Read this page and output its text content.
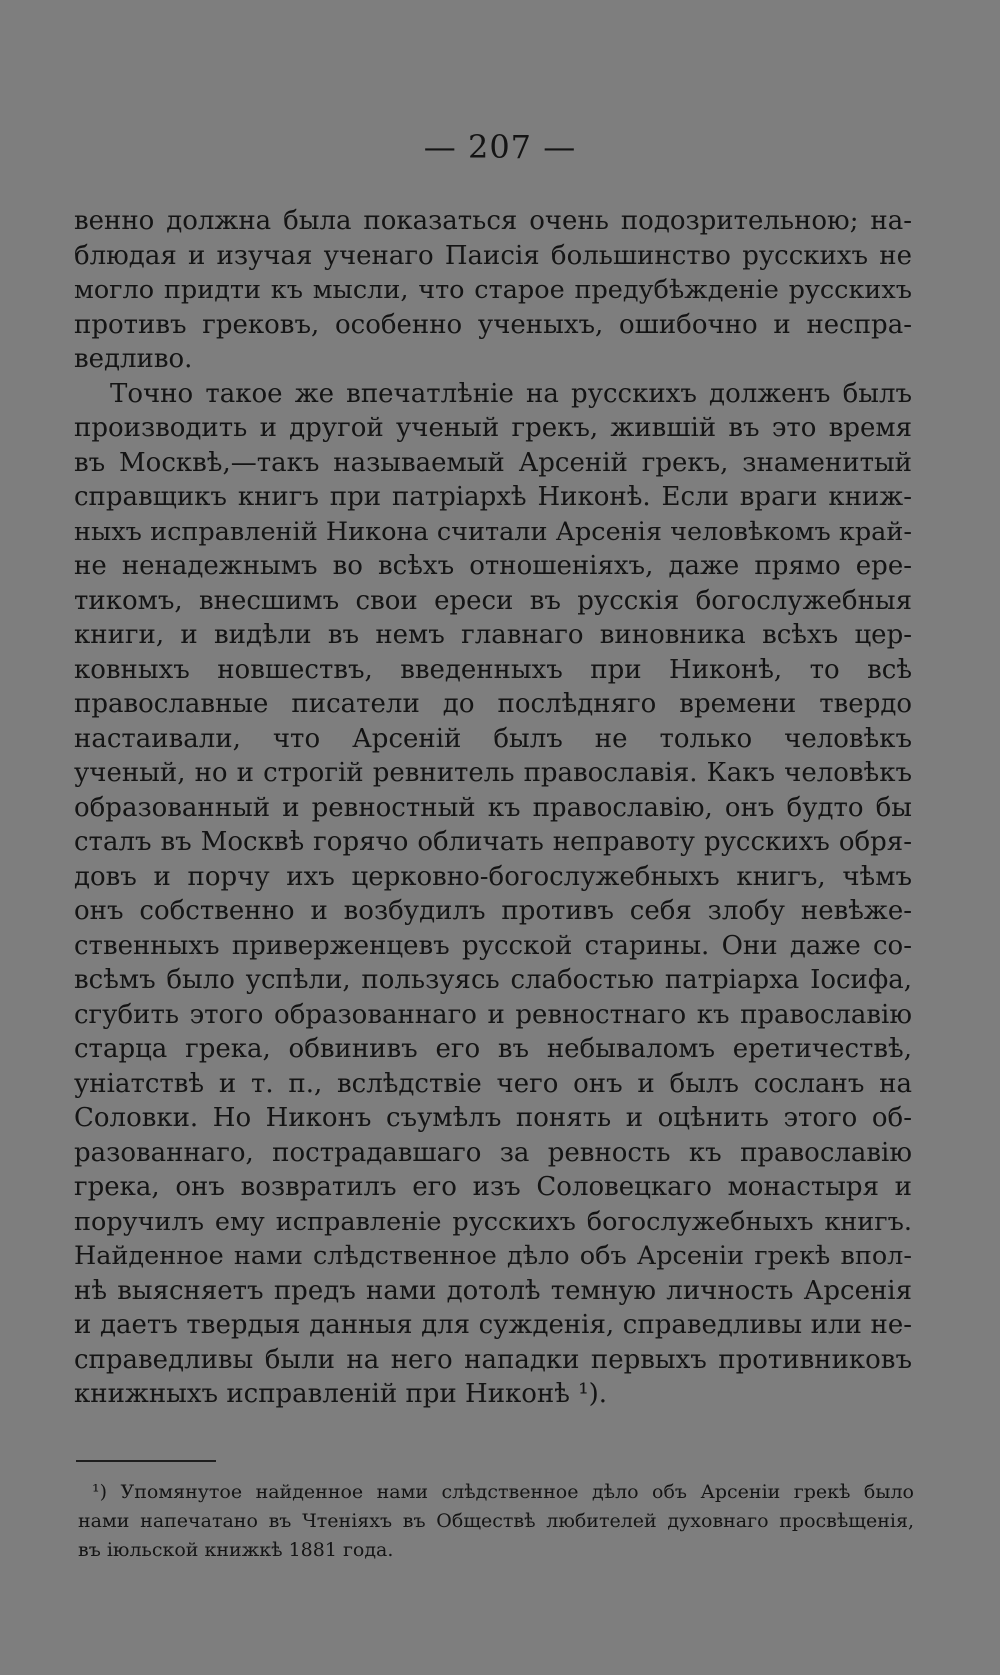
— 207 —
венно должна была показаться очень подозрительною; на-
блюдая и изучая ученаго Паисія большинство русскихъ не
могло придти къ мысли, что старое предубѣжденіе русскихъ
противъ грековъ, особенно ученыхъ, ошибочно и неспра-
ведливо.
Точно такое же впечатлѣніе на русскихъ долженъ былъ
производить и другой ученый грекъ, жившій въ это время
въ Москвѣ,—такъ называемый Арсеній грекъ, знаменитый
справщикъ книгъ при патріархѣ Никонѣ. Если враги книж-
ныхъ исправленій Никона считали Арсенія человѣкомъ край-
не ненадежнымъ во всѣхъ отношеніяхъ, даже прямо ере-
тикомъ, внесшимъ свои ереси въ русскія богослужебныя
книги, и видѣли въ немъ главнаго виновника всѣхъ цер-
ковныхъ новшествъ, введенныхъ при Никонѣ, то всѣ
православные писатели до послѣдняго времени твердо
настаивали, что Арсеній былъ не только человѣкъ
ученый, но и строгій ревнитель православія. Какъ человѣкъ
образованный и ревностный къ православію, онъ будто бы
сталъ въ Москвѣ горячо обличать неправоту русскихъ обря-
довъ и порчу ихъ церковно-богослужебныхъ книгъ, чѣмъ
онъ собственно и возбудилъ противъ себя злобу невѣже-
ственныхъ приверженцевъ русской старины. Они даже со-
всѣмъ было успѣли, пользуясь слабостью патріарха Іосифа,
сгубить этого образованнаго и ревностнаго къ православію
старца грека, обвинивъ его въ небываломъ еретичествѣ,
уніатствѣ и т. п., вслѣдствіе чего онъ и былъ сосланъ на
Соловки. Но Никонъ съумѣлъ понять и оцѣнить этого об-
разованнаго, пострадавшаго за ревность къ православію
грека, онъ возвратилъ его изъ Соловецкаго монастыря и
поручилъ ему исправленіе русскихъ богослужебныхъ книгъ.
Найденное нами слѣдственное дѣло объ Арсеніи грекѣ впол-
нѣ выясняетъ предъ нами дотолѣ темную личность Арсенія
и даетъ твердыя данныя для сужденія, справедливы или не-
справедливы были на него нападки первыхъ противниковъ
книжныхъ исправленій при Никонѣ ¹).
¹) Упомянутое найденное нами слѣдственное дѣло объ Арсеніи грекѣ было
нами напечатано въ Чтеніяхъ въ Обществѣ любителей духовнаго просвѣщенія,
въ іюльской книжкѣ 1881 года.
